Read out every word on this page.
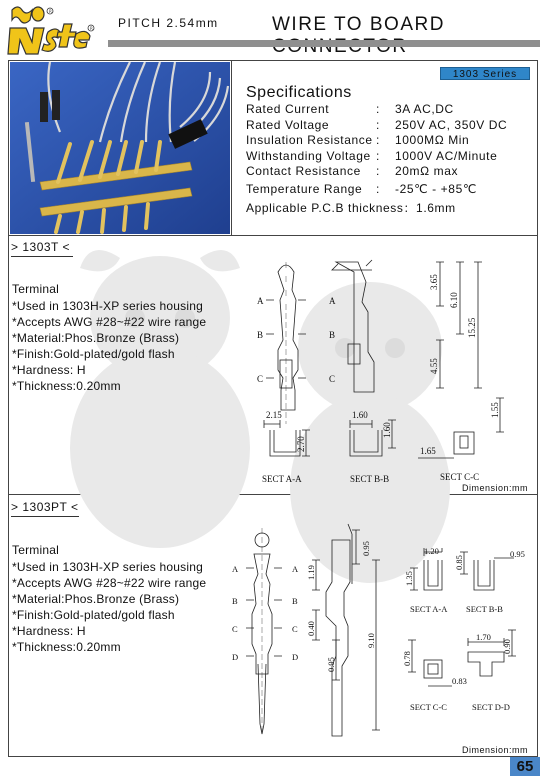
R
R PITCH 2.54mm	WIRE TO BOARD
1303 Series
Specifications
Rated Current	:	3A AC,DC
Rated Voltage	:	250V AC, 350V DC
Insulation Resistance :	1000MΩ Min
Withstanding Voltage :	1000V AC/Minute
Contact Resistance	:	20mΩ max
Temperature Range	:	-25℃ - +85℃
Applicable P.C.B thickness：1.6mm
> 1303T <
Terminal
*Used in 1303H-XP series housing
*Accepts AWG #28~#22 wire range
*Material:Phos.Bronze (Brass)
*Finish:Gold-plated/gold flash
*Hardness: H
*Thickness:0.20mm
Dimension:mm
> 1303PT <
Terminal
*Used in 1303H-XP series housing
*Accepts AWG #28~#22 wire range
*Material:Phos.Bronze (Brass)
*Finish:Gold-plated/gold flash
*Hardness: H
*Thickness:0.20mm
Dimension:mm
A	A
B	B
C	C
3.65
6.10
15.25
4.55
2.15
2.70
1.60
1.60
1.55
1.65
SECT A-A	SECT B-B	SECT C-C
A	A
B	B
C	C
D	D
0.95
1.19
0.40
0.95
9.10
1.20
1.35
0.85
0.95
0.78
0.83
1.70
0.90
SECT A-A SECT B-B
SECT C-C	SECT D-D
65
